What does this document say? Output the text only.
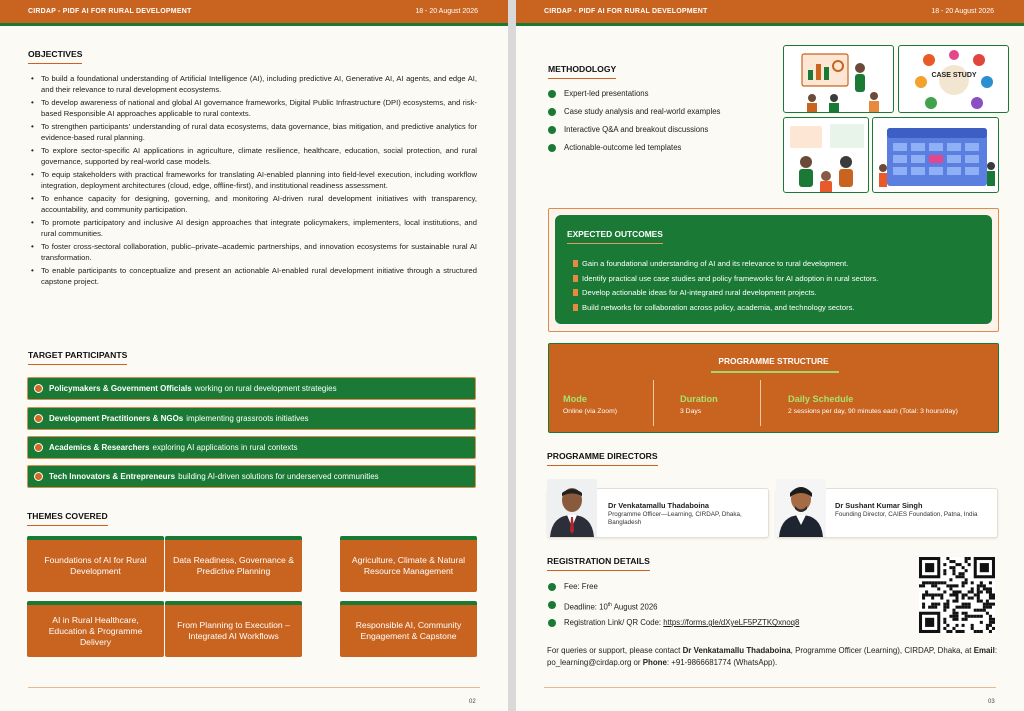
CIRDAP - PIDF AI FOR RURAL DEVELOPMENT	18 - 20 August 2026
OBJECTIVES
• To build a foundational understanding of Artificial Intelligence (AI), including predictive AI, Generative AI, AI agents, and edge AI, and their relevance to rural development ecosystems.
• To develop awareness of national and global AI governance frameworks, Digital Public Infrastructure (DPI) ecosystems, and risk-based Responsible AI approaches applicable to rural contexts.
• To strengthen participants' understanding of rural data ecosystems, data governance, bias mitigation, and predictive analytics for evidence-based rural planning.
• To explore sector-specific AI applications in agriculture, climate resilience, healthcare, education, social protection, and rural governance, supported by real-world case models.
• To equip stakeholders with practical frameworks for translating AI-enabled planning into field-level execution, including workflow integration, deployment architectures (cloud, edge, offline-first), and institutional readiness assessment.
• To enhance capacity for designing, governing, and monitoring AI-driven rural development initiatives with transparency, accountability, and community participation.
• To promote participatory and inclusive AI design approaches that integrate policymakers, implementers, local institutions, and rural communities.
• To foster cross-sectoral collaboration, public–private–academic partnerships, and innovation ecosystems for sustainable rural AI transformation.
• To enable participants to conceptualize and present an actionable AI-enabled rural development initiative through a structured capstone project.
TARGET PARTICIPANTS
Policymakers & Government Officials working on rural development strategies
Development Practitioners & NGOs implementing grassroots initiatives
Academics & Researchers exploring AI applications in rural contexts
Tech Innovators & Entrepreneurs building AI-driven solutions for underserved communities
THEMES COVERED
Foundations of AI for Rural Development
Data Readiness, Governance & Predictive Planning
Agriculture, Climate & Natural Resource Management
AI in Rural Healthcare, Education & Programme Delivery
From Planning to Execution – Integrated AI Workflows
Responsible AI, Community Engagement & Capstone
02
CIRDAP - PIDF AI FOR RURAL DEVELOPMENT	18 - 20 August 2026
METHODOLOGY
Expert-led presentations
Case study analysis and real-world examples
Interactive Q&A and breakout discussions
Actionable-outcome led templates
CASE STUDY
EXPECTED OUTCOMES
Gain a foundational understanding of AI and its relevance to rural development.
Identify practical use case studies and policy frameworks for AI adoption in rural sectors.
Develop actionable ideas for AI-integrated rural development projects.
Build networks for collaboration across policy, academia, and technology sectors.
PROGRAMME STRUCTURE
Mode
Online (via Zoom)
Duration
3 Days
Daily Schedule
2 sessions per day, 90 minutes each (Total: 3 hours/day)
PROGRAMME DIRECTORS
Dr Venkatamallu Thadaboina
Programme Officer—Learning, CIRDAP, Dhaka, Bangladesh
Dr Sushant Kumar Singh
Founding Director, CAIES Foundation, Patna, India
REGISTRATION DETAILS
Fee: Free
Deadline: 10th August 2026
Registration Link/ QR Code: https://forms.gle/dXyeLF5PZTKQxnoq8

For queries or support, please contact Dr Venkatamallu Thadaboina, Programme Officer (Learning), CIRDAP, Dhaka, at Email: po_learning@cirdap.org or Phone: +91-9866681774 (WhatsApp).

03
